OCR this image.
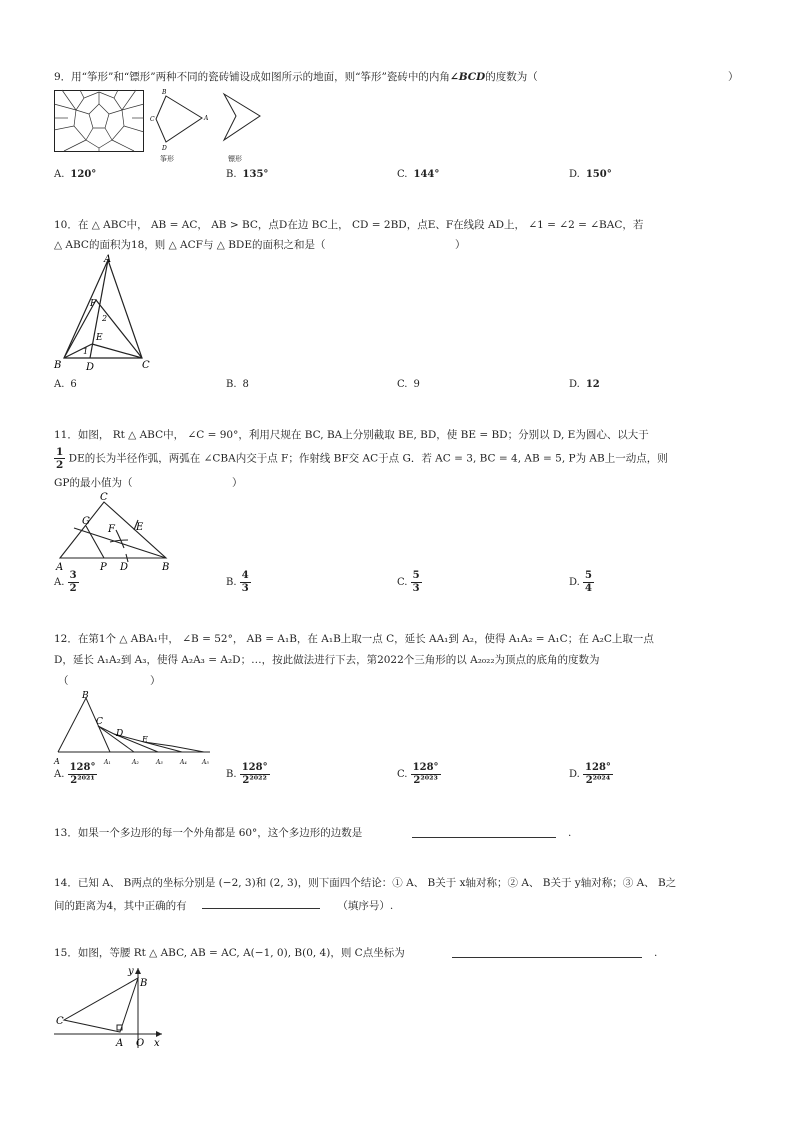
9．用“筝形”和“镖形”两种不同的瓷砖铺设成如图所示的地面，则“筝形”瓷砖中的内角∠BCD的度数为（	）
B
C	A
D
筝形	镖形
A. 120°	B. 135°	C. 144°	D. 150°
10．在 △ ABC中， AB = AC， AB > BC，点D在边 BC上， CD = 2BD，点E、F在线段 AD上， ∠1 = ∠2 = ∠BAC，若
△ ABC的面积为18，则 △ ACF与 △ BDE的面积之和是（	）
A
B D	C
F
E
2
1
A. 6	B. 8	C. 9	D. 12
11．如图， Rt △ ABC中， ∠C = 90°，利用尺规在 BC, BA上分别截取 BE, BD，使 BE = BD；分别以 D, E为圆心、以大于
$\frac{1}{2}$ DE的长为半径作弧，两弧在 ∠CBA内交于点 F；作射线 BF交 AC于点 G．若 AC = 3, BC = 4, AB = 5, P为 AB上一动点，则
GP的最小值为（	）
C
G
F E
A	P D	B
A. $\frac{3}{2}$	B. $\frac{4}{3}$	C. $\frac{5}{3}$	D. $\frac{5}{4}$
12．在第1个 △ ABA₁中， ∠B = 52°， AB = A₁B，在 A₁B上取一点 C，延长 AA₁到 A₂，使得 A₁A₂ = A₁C；在 A₂C上取一点
D，延长 A₁A₂到 A₃，使得 A₂A₃ = A₂D；…，按此做法进行下去，第2022个三角形的以 A₂₀₂₂为顶点的底角的度数为
（	）
B
C
D
E
A	A₁	A₂	A₃	A₄	A₅
A. $\frac{128^\circ}{\text{2²⁰²¹}}$	B. $\frac{128^\circ}{\text{2²⁰²²}}$	C. $\frac{128^\circ}{\text{2²⁰²³}}$	D. $\frac{128^\circ}{\text{2²⁰²⁴}}$
13．如果一个多边形的每一个外角都是 60°，这个多边形的边数是	.
14．已知 A、 B两点的坐标分别是 (−2, 3)和 (2, 3)，则下面四个结论：① A、 B关于 x轴对称；② A、 B关于 y轴对称；③ A、 B之
间的距离为4，其中正确的有	（填序号）.
15．如图，等腰 Rt △ ABC, AB = AC, A(−1, 0), B(0, 4)，则 C点坐标为	.
y
B
C
A O x
